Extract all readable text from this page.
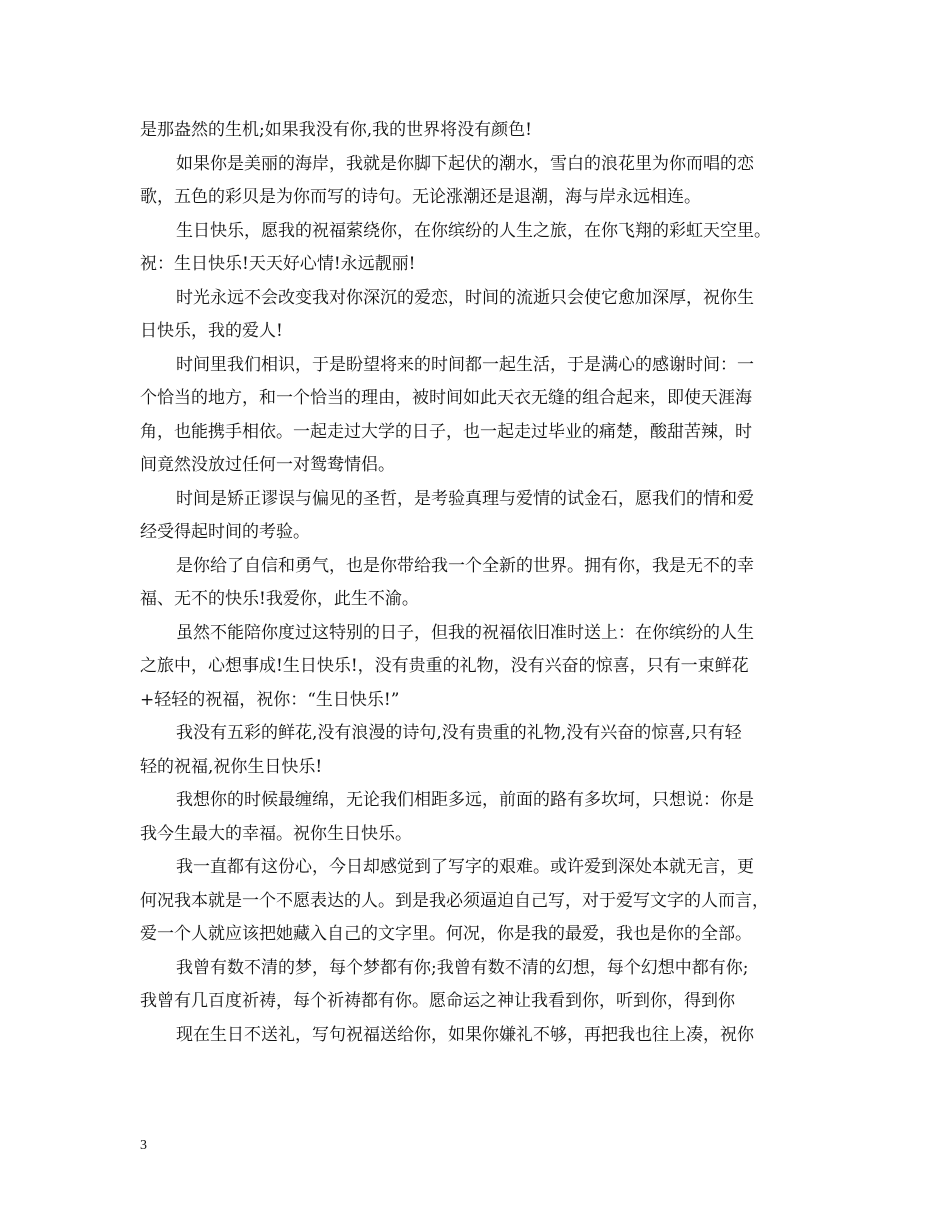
是那盎然的生机;如果我没有你,我的世界将没有颜色!
如果你是美丽的海岸，我就是你脚下起伏的潮水，雪白的浪花里为你而唱的恋
歌，五色的彩贝是为你而写的诗句。无论涨潮还是退潮，海与岸永远相连。
生日快乐，愿我的祝福萦绕你，在你缤纷的人生之旅，在你飞翔的彩虹天空里。
祝：生日快乐!天天好心情!永远靓丽!
时光永远不会改变我对你深沉的爱恋，时间的流逝只会使它愈加深厚，祝你生
日快乐，我的爱人!
时间里我们相识，于是盼望将来的时间都一起生活，于是满心的感谢时间：一
个恰当的地方，和一个恰当的理由，被时间如此天衣无缝的组合起来，即使天涯海
角，也能携手相依。一起走过大学的日子，也一起走过毕业的痛楚，酸甜苦辣，时
间竟然没放过任何一对鸳鸯情侣。
时间是矫正谬误与偏见的圣哲，是考验真理与爱情的试金石，愿我们的情和爱
经受得起时间的考验。
是你给了自信和勇气，也是你带给我一个全新的世界。拥有你，我是无不的幸
福、无不的快乐!我爱你，此生不渝。
虽然不能陪你度过这特别的日子，但我的祝福依旧准时送上：在你缤纷的人生
之旅中，心想事成!生日快乐!，没有贵重的礼物，没有兴奋的惊喜，只有一束鲜花
+轻轻的祝福，祝你：“生日快乐!”
我没有五彩的鲜花,没有浪漫的诗句,没有贵重的礼物,没有兴奋的惊喜,只有轻
轻的祝福,祝你生日快乐!
我想你的时候最缠绵，无论我们相距多远，前面的路有多坎坷，只想说：你是
我今生最大的幸福。祝你生日快乐。
我一直都有这份心，今日却感觉到了写字的艰难。或许爱到深处本就无言，更
何况我本就是一个不愿表达的人。到是我必须逼迫自己写，对于爱写文字的人而言，
爱一个人就应该把她藏入自己的文字里。何况，你是我的最爱，我也是你的全部。
我曾有数不清的梦，每个梦都有你;我曾有数不清的幻想，每个幻想中都有你;
我曾有几百度祈祷，每个祈祷都有你。愿命运之神让我看到你，听到你，得到你
现在生日不送礼，写句祝福送给你，如果你嫌礼不够，再把我也往上凑，祝你
3
